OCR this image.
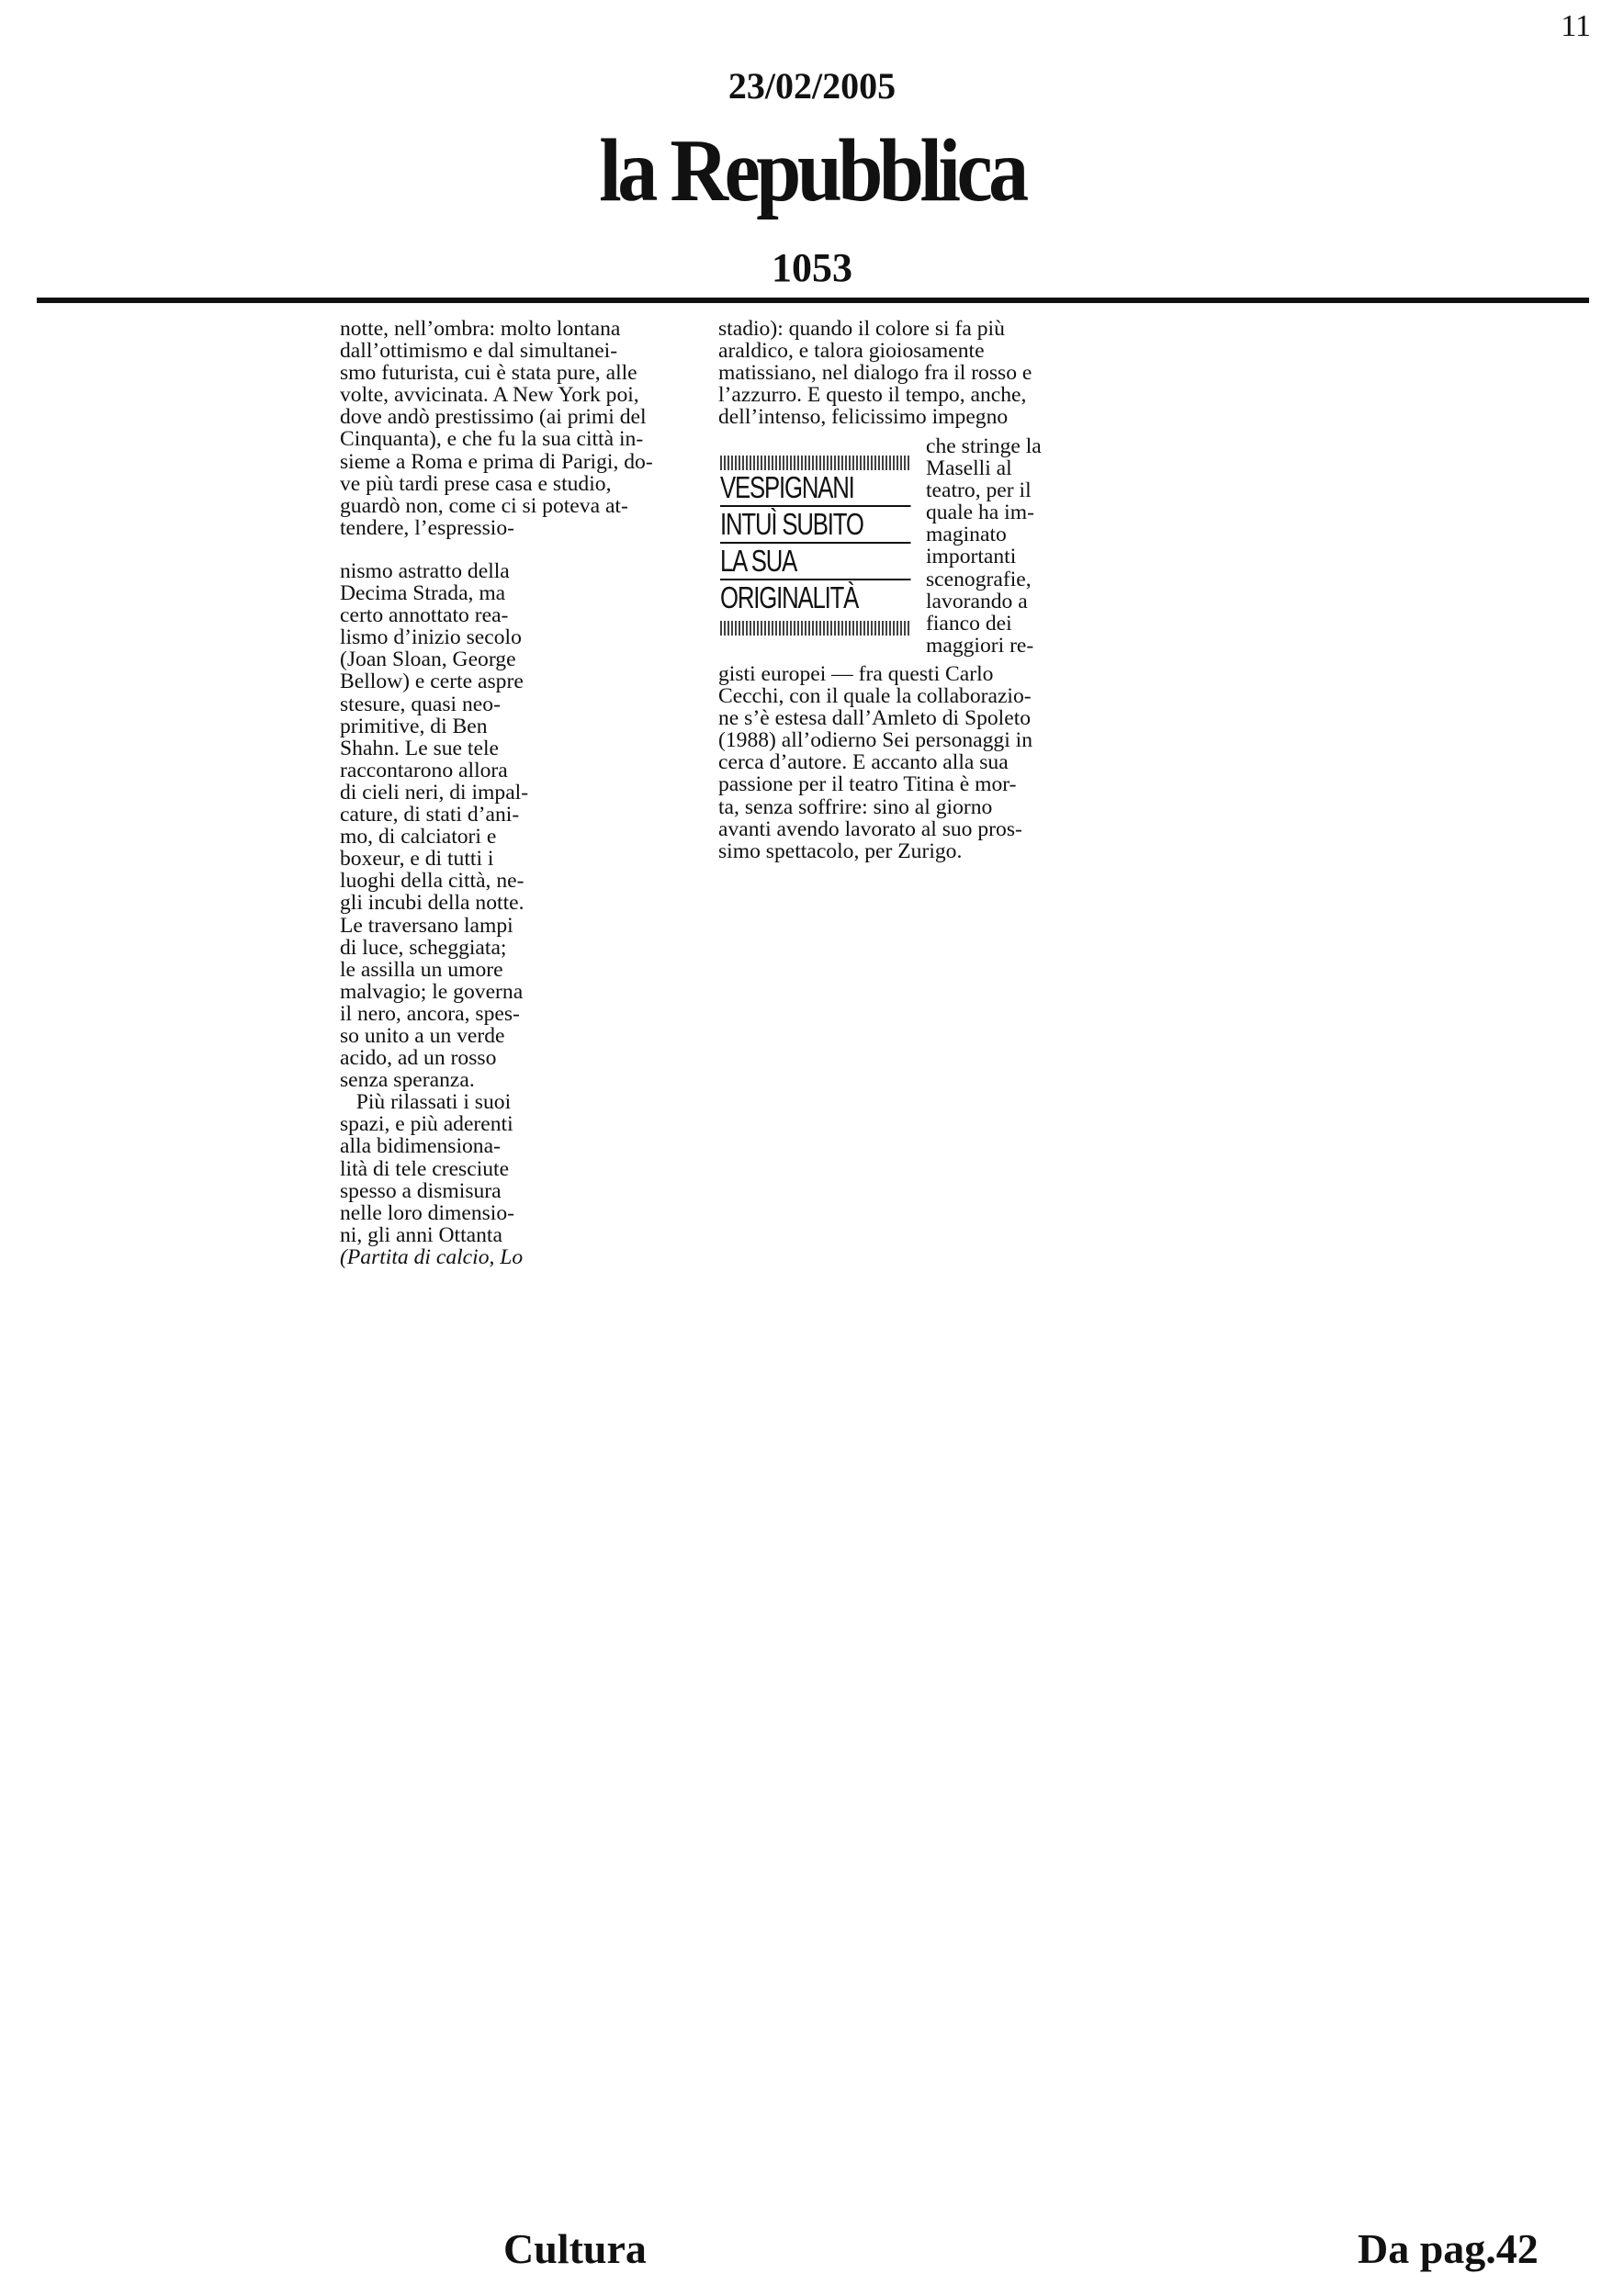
11
23/02/2005
la Repubblica
1053
notte, nell’ombra: molto lontana
dall’ottimismo e dal simultanei-
smo futurista, cui è stata pure, alle
volte, avvicinata. A New York poi,
dove andò prestissimo (ai primi del
Cinquanta), e che fu la sua città in-
sieme a Roma e prima di Parigi, do-
ve più tardi prese casa e studio,
guardò non, come ci si poteva at-
tendere, l’espressio-
nismo astratto della
Decima Strada, ma
certo annottato rea-
lismo d’inizio secolo
(Joan Sloan, George
Bellow) e certe aspre
stesure, quasi neo-
primitive, di Ben
Shahn. Le sue tele
raccontarono allora
di cieli neri, di impal-
cature, di stati d’ani-
mo, di calciatori e
boxeur, e di tutti i
luoghi della città, ne-
gli incubi della notte.
Le traversano lampi
di luce, scheggiata;
le assilla un umore
malvagio; le governa
il nero, ancora, spes-
so unito a un verde
acido, ad un rosso
senza speranza.
Più rilassati i suoi
spazi, e più aderenti
alla bidimensiona-
lità di tele cresciute
spesso a dismisura
nelle loro dimensio-
ni, gli anni Ottanta
(Partita di calcio, Lo
stadio): quando il colore si fa più
araldico, e talora gioiosamente
matissiano, nel dialogo fra il rosso e
l’azzurro. E questo il tempo, anche,
dell’intenso, felicissimo impegno
VESPIGNANI
INTUÌ SUBITO
LA SUA
ORIGINALITÀ
che stringe la
Maselli al
teatro, per il
quale ha im-
maginato
importanti
scenografie,
lavorando a
fianco dei
maggiori re-
gisti europei — fra questi Carlo
Cecchi, con il quale la collaborazio-
ne s’è estesa dall’Amleto di Spoleto
(1988) all’odierno Sei personaggi in
cerca d’autore. E accanto alla sua
passione per il teatro Titina è mor-
ta, senza soffrire: sino al giorno
avanti avendo lavorato al suo pros-
simo spettacolo, per Zurigo.
Cultura	Da pag.42
